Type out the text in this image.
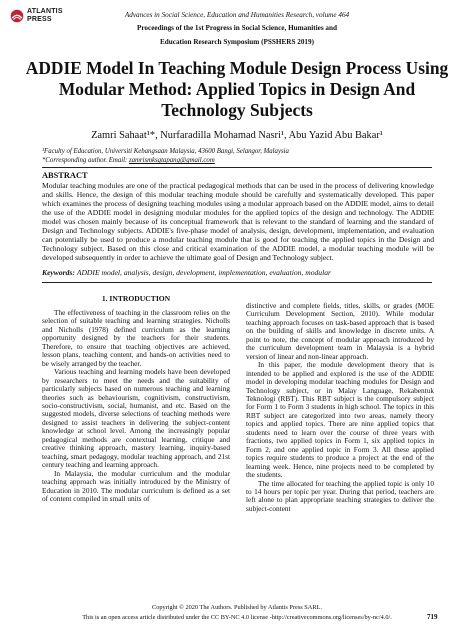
ATLANTIS
PRESS	Advances in Social Science, Education and Humanities Research, volume 464
Proceedings of the 1st Progress in Social Science, Humanities and
Education Research Symposium (PSSHERS 2019)
ADDIE Model In Teaching Module Design Process Using
Modular Method: Applied Topics in Design And
Technology Subjects
Zamri Sahaat¹*, Nurfaradilla Mohamad Nasri¹, Abu Yazid Abu Bakar¹
¹Faculty of Education, Universiti Kebangsaan Malaysia, 43600 Bangi, Selangor, Malaysia
*Corresponding author. Email: zamrismksgtapang@gmail.com
ABSTRACT
Modular teaching modules are one of the practical pedagogical methods that can be used in the process of delivering knowledge and skills. Hence, the design of this modular teaching module should be carefully and systematically developed. This paper which examines the process of designing teaching modules using a modular approach based on the ADDIE model, aims to detail the use of the ADDIE model in designing modular modules for the applied topics of the design and technology. The ADDIE model was chosen mainly because of its conceptual framework that is relevant to the standard of learning and the standard of Design and Technology subjects. ADDIE's five-phase model of analysis, design, development, implementation, and evaluation can potentially be used to produce a modular teaching module that is good for teaching the applied topics in the Design and Technology subject. Based on this close and critical examination of the ADDIE model, a modular teaching module will be developed subsequently in order to achieve the ultimate goal of Design and Technology subject.
Keywords: ADDIE model, analysis, design, development, implementation, evaluation, modular
1. INTRODUCTION

The effectiveness of teaching in the classroom relies on the selection of suitable teaching and learning strategies. Nicholls and Nicholls (1978) defined curriculum as the learning opportunity designed by the teachers for their students. Therefore, to ensure that teaching objectives are achieved, lesson plans, teaching content, and hands-on activities need to be wisely arranged by the teacher.

Various teaching and learning models have been developed by researchers to meet the needs and the suitability of particularly subjects based on numerous teaching and learning theories such as behaviourism, cognitivism, constructivism, socio-constructivism, social, humanist, and etc. Based on the suggested models, diverse selections of teaching methods were designed to assist teachers in delivering the subject-content knowledge at school level. Among the increasingly popular pedagogical methods are contextual learning, critique and creative thinking approach, mastery learning, inquiry-based teaching, smart pedagogy, modular teaching approach, and 21st century teaching and learning approach.

In Malaysia, the modular curriculum and the modular teaching approach was initially introduced by the Ministry of Education in 2010. The modular curriculum is defined as a set of content compiled in small units of

distinctive and complete fields, titles, skills, or grades (MOE Curriculum Development Section, 2010). While modular teaching approach focuses on task-based approach that is based on the building of skills and knowledge in discrete units. A point to note, the concept of modular approach introduced by the curriculum development team in Malaysia is a hybrid version of linear and non-linear approach.

In this paper, the module development theory that is intended to be applied and explored is the use of the ADDIE model in developing modular teaching modules for Design and Technology subject, or in Malay Language, Rekabentuk Teknologi (RBT). This RBT subject is the compulsory subject for Form 1 to Form 3 students in high school. The topics in this RBT subject are categorized into two areas, namely theory topics and applied topics. There are nine applied topics that students need to learn over the course of three years with fractions, two applied topics in Form 1, six applied topics in Form 2, and one applied topic in Form 3. All these applied topics require students to produce a project at the end of the learning week. Hence, nine projects need to be completed by the students.

The time allocated for teaching the applied topic is only 10 to 14 hours per topic per year. During that period, teachers are left alone to plan appropriate teaching strategies to deliver the subject-content

Copyright © 2020 The Authors. Published by Atlantis Press SARL.
This is an open access article distributed under the CC BY-NC 4.0 license -http://creativecommons.org/licenses/by-nc/4.0/.	719
